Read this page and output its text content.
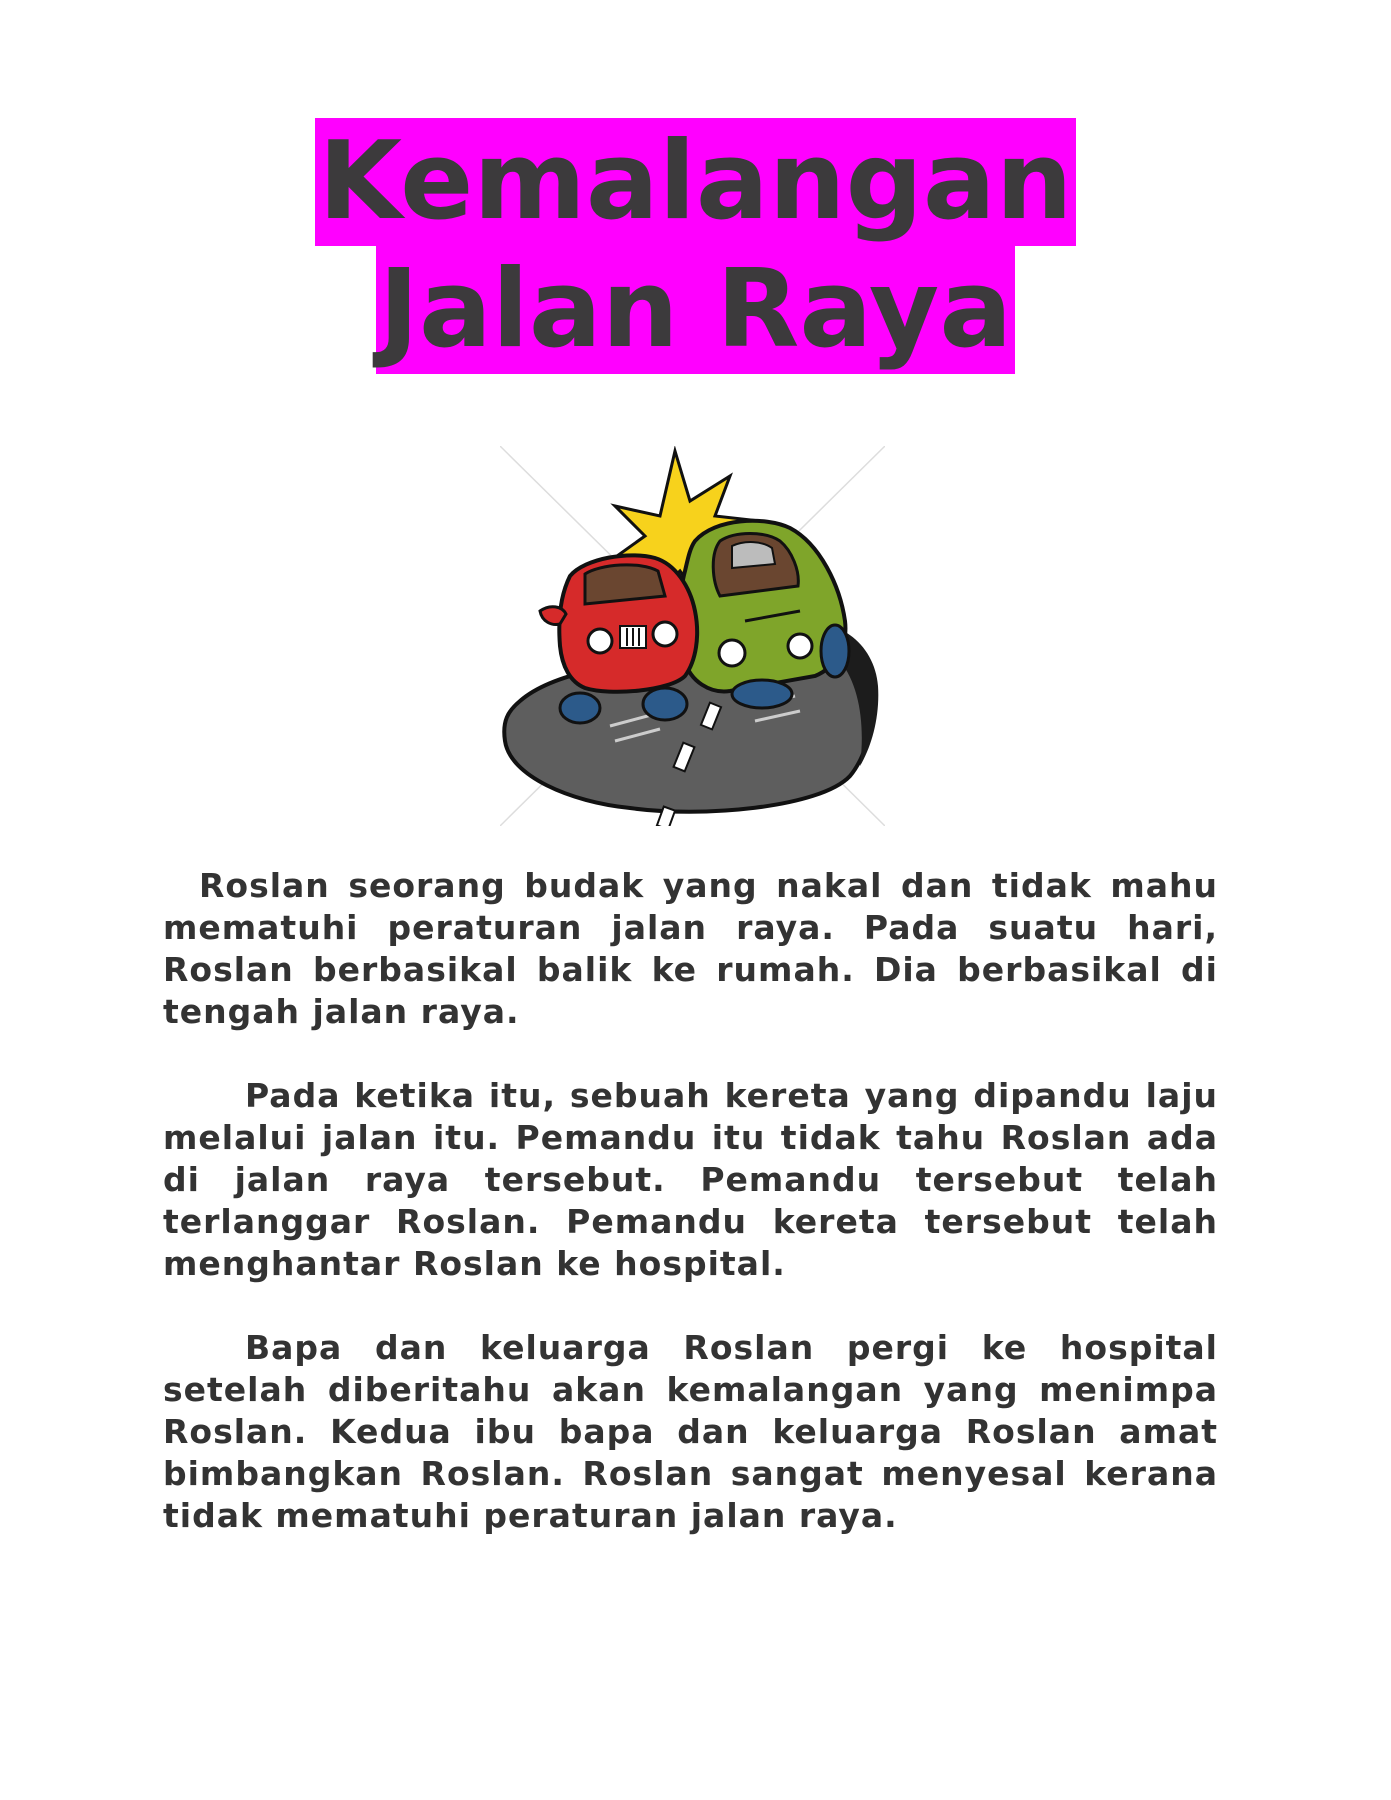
Kemalangan
Jalan Raya

Roslan seorang budak yang nakal dan tidak mahu mematuhi peraturan jalan raya. Pada suatu hari, Roslan berbasikal balik ke rumah. Dia berbasikal di tengah jalan raya.

Pada ketika itu, sebuah kereta yang dipandu laju melalui jalan itu. Pemandu itu tidak tahu Roslan ada di jalan raya tersebut. Pemandu tersebut telah terlanggar Roslan. Pemandu kereta tersebut telah menghantar Roslan ke hospital.

Bapa dan keluarga Roslan pergi ke hospital setelah diberitahu akan kemalangan yang menimpa Roslan. Kedua ibu bapa dan keluarga Roslan amat bimbangkan Roslan. Roslan sangat menyesal kerana tidak mematuhi peraturan jalan raya.
